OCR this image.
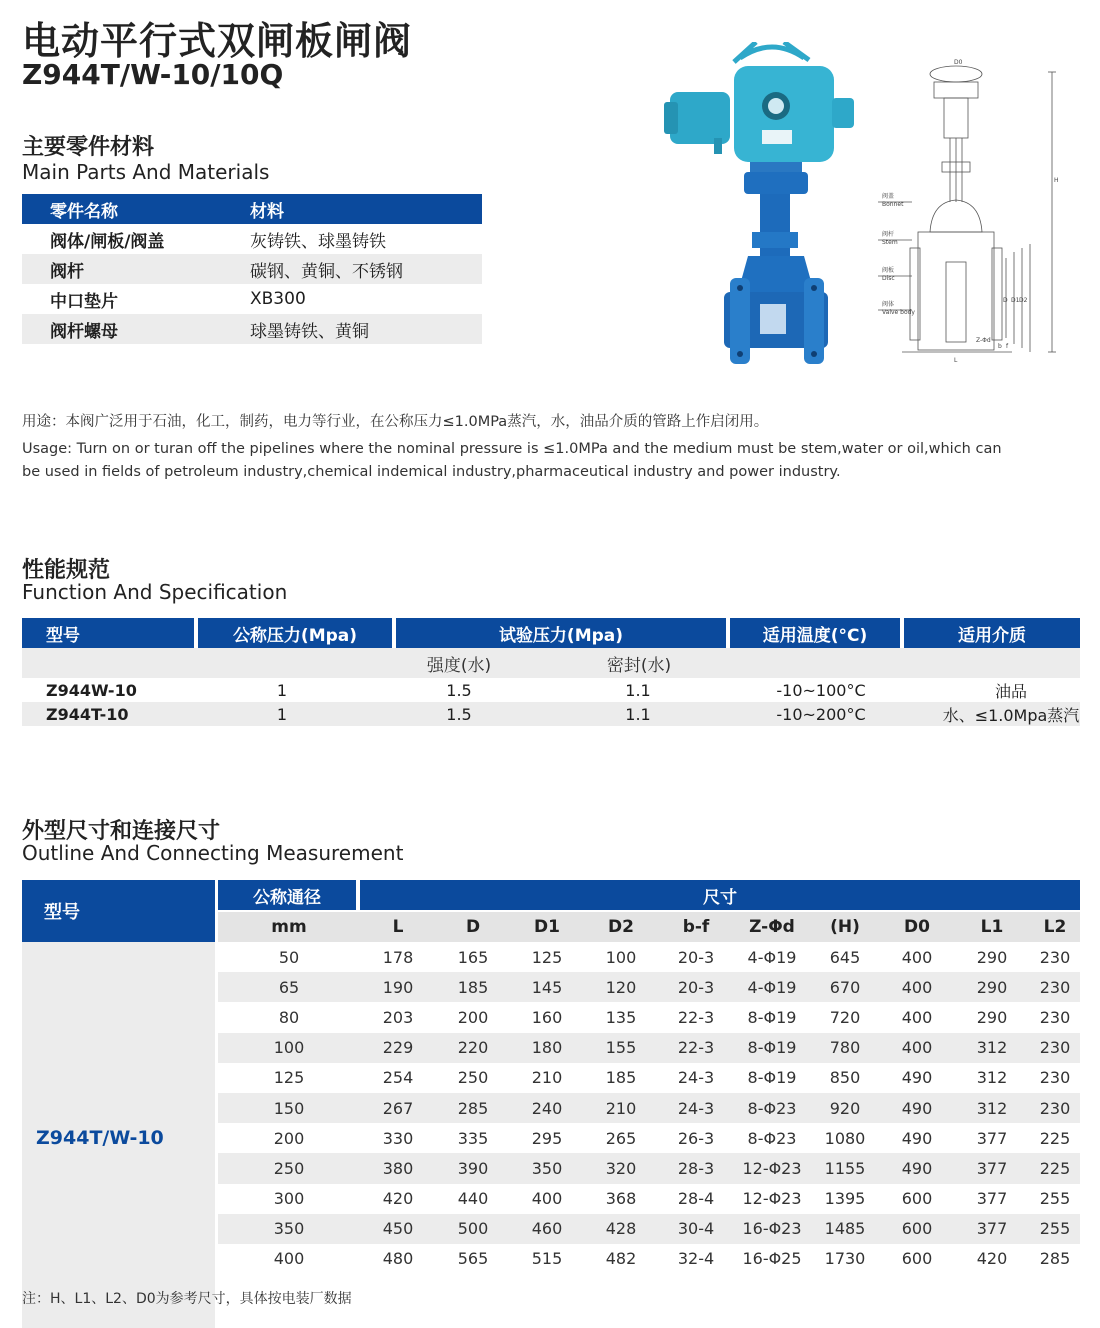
电动平行式双闸板闸阀
Z944T/W-10/10Q
主要零件材料
Main Parts And Materials
零件名称	材料
阀体/闸板/阀盖	灰铸铁、球墨铸铁
阀杆	碳钢、黄铜、不锈钢
中口垫片	XB300
阀杆螺母	球墨铸铁、黄铜
阀盖
Bonnet
阀杆
Stem
阀板
Disc
阀体
Valve body
L
D D1 D2
f
b
Z-Φd
H
D0
用途：本阀广泛用于石油，化工，制药，电力等行业，在公称压力≤1.0MPa蒸汽，水，油品介质的管路上作启闭用。
Usage: Turn on or turan off the pipelines where the nominal pressure is ≤1.0MPa and the medium must be stem,water or oil,which can
be used in fields of petroleum industry,chemical indemical industry,pharmaceutical industry and power industry.
性能规范
Function And Specification
型号	公称压力(Mpa)	试验压力(Mpa)	适用温度(°C)	适用介质
强度(水)	密封(水)
Z944W-10	1	1.5	1.1	-10~100°C	油品
Z944T-10	1	1.5	1.1	-10~200°C	水、≤1.0Mpa蒸汽
外型尺寸和连接尺寸
Outline And Connecting Measurement
型号
Z944T/W-10
公称通径	尺寸
mm	L	D	D1	D2	b-f	Z-Φd	(H)	D0	L1	L2
50	178	165	125	100	20-3	4-Φ19	645	400	290	230
65	190	185	145	120	20-3	4-Φ19	670	400	290	230
80	203	200	160	135	22-3	8-Φ19	720	400	290	230
100	229	220	180	155	22-3	8-Φ19	780	400	312	230
125	254	250	210	185	24-3	8-Φ19	850	490	312	230
150	267	285	240	210	24-3	8-Φ23	920	490	312	230
200	330	335	295	265	26-3	8-Φ23	1080	490	377	225
250	380	390	350	320	28-3	12-Φ23	1155	490	377	225
300	420	440	400	368	28-4	12-Φ23	1395	600	377	255
350	450	500	460	428	30-4	16-Φ23	1485	600	377	255
400	480	565	515	482	32-4	16-Φ25	1730	600	420	285
注：H、L1、L2、D0为参考尺寸，具体按电装厂数据
